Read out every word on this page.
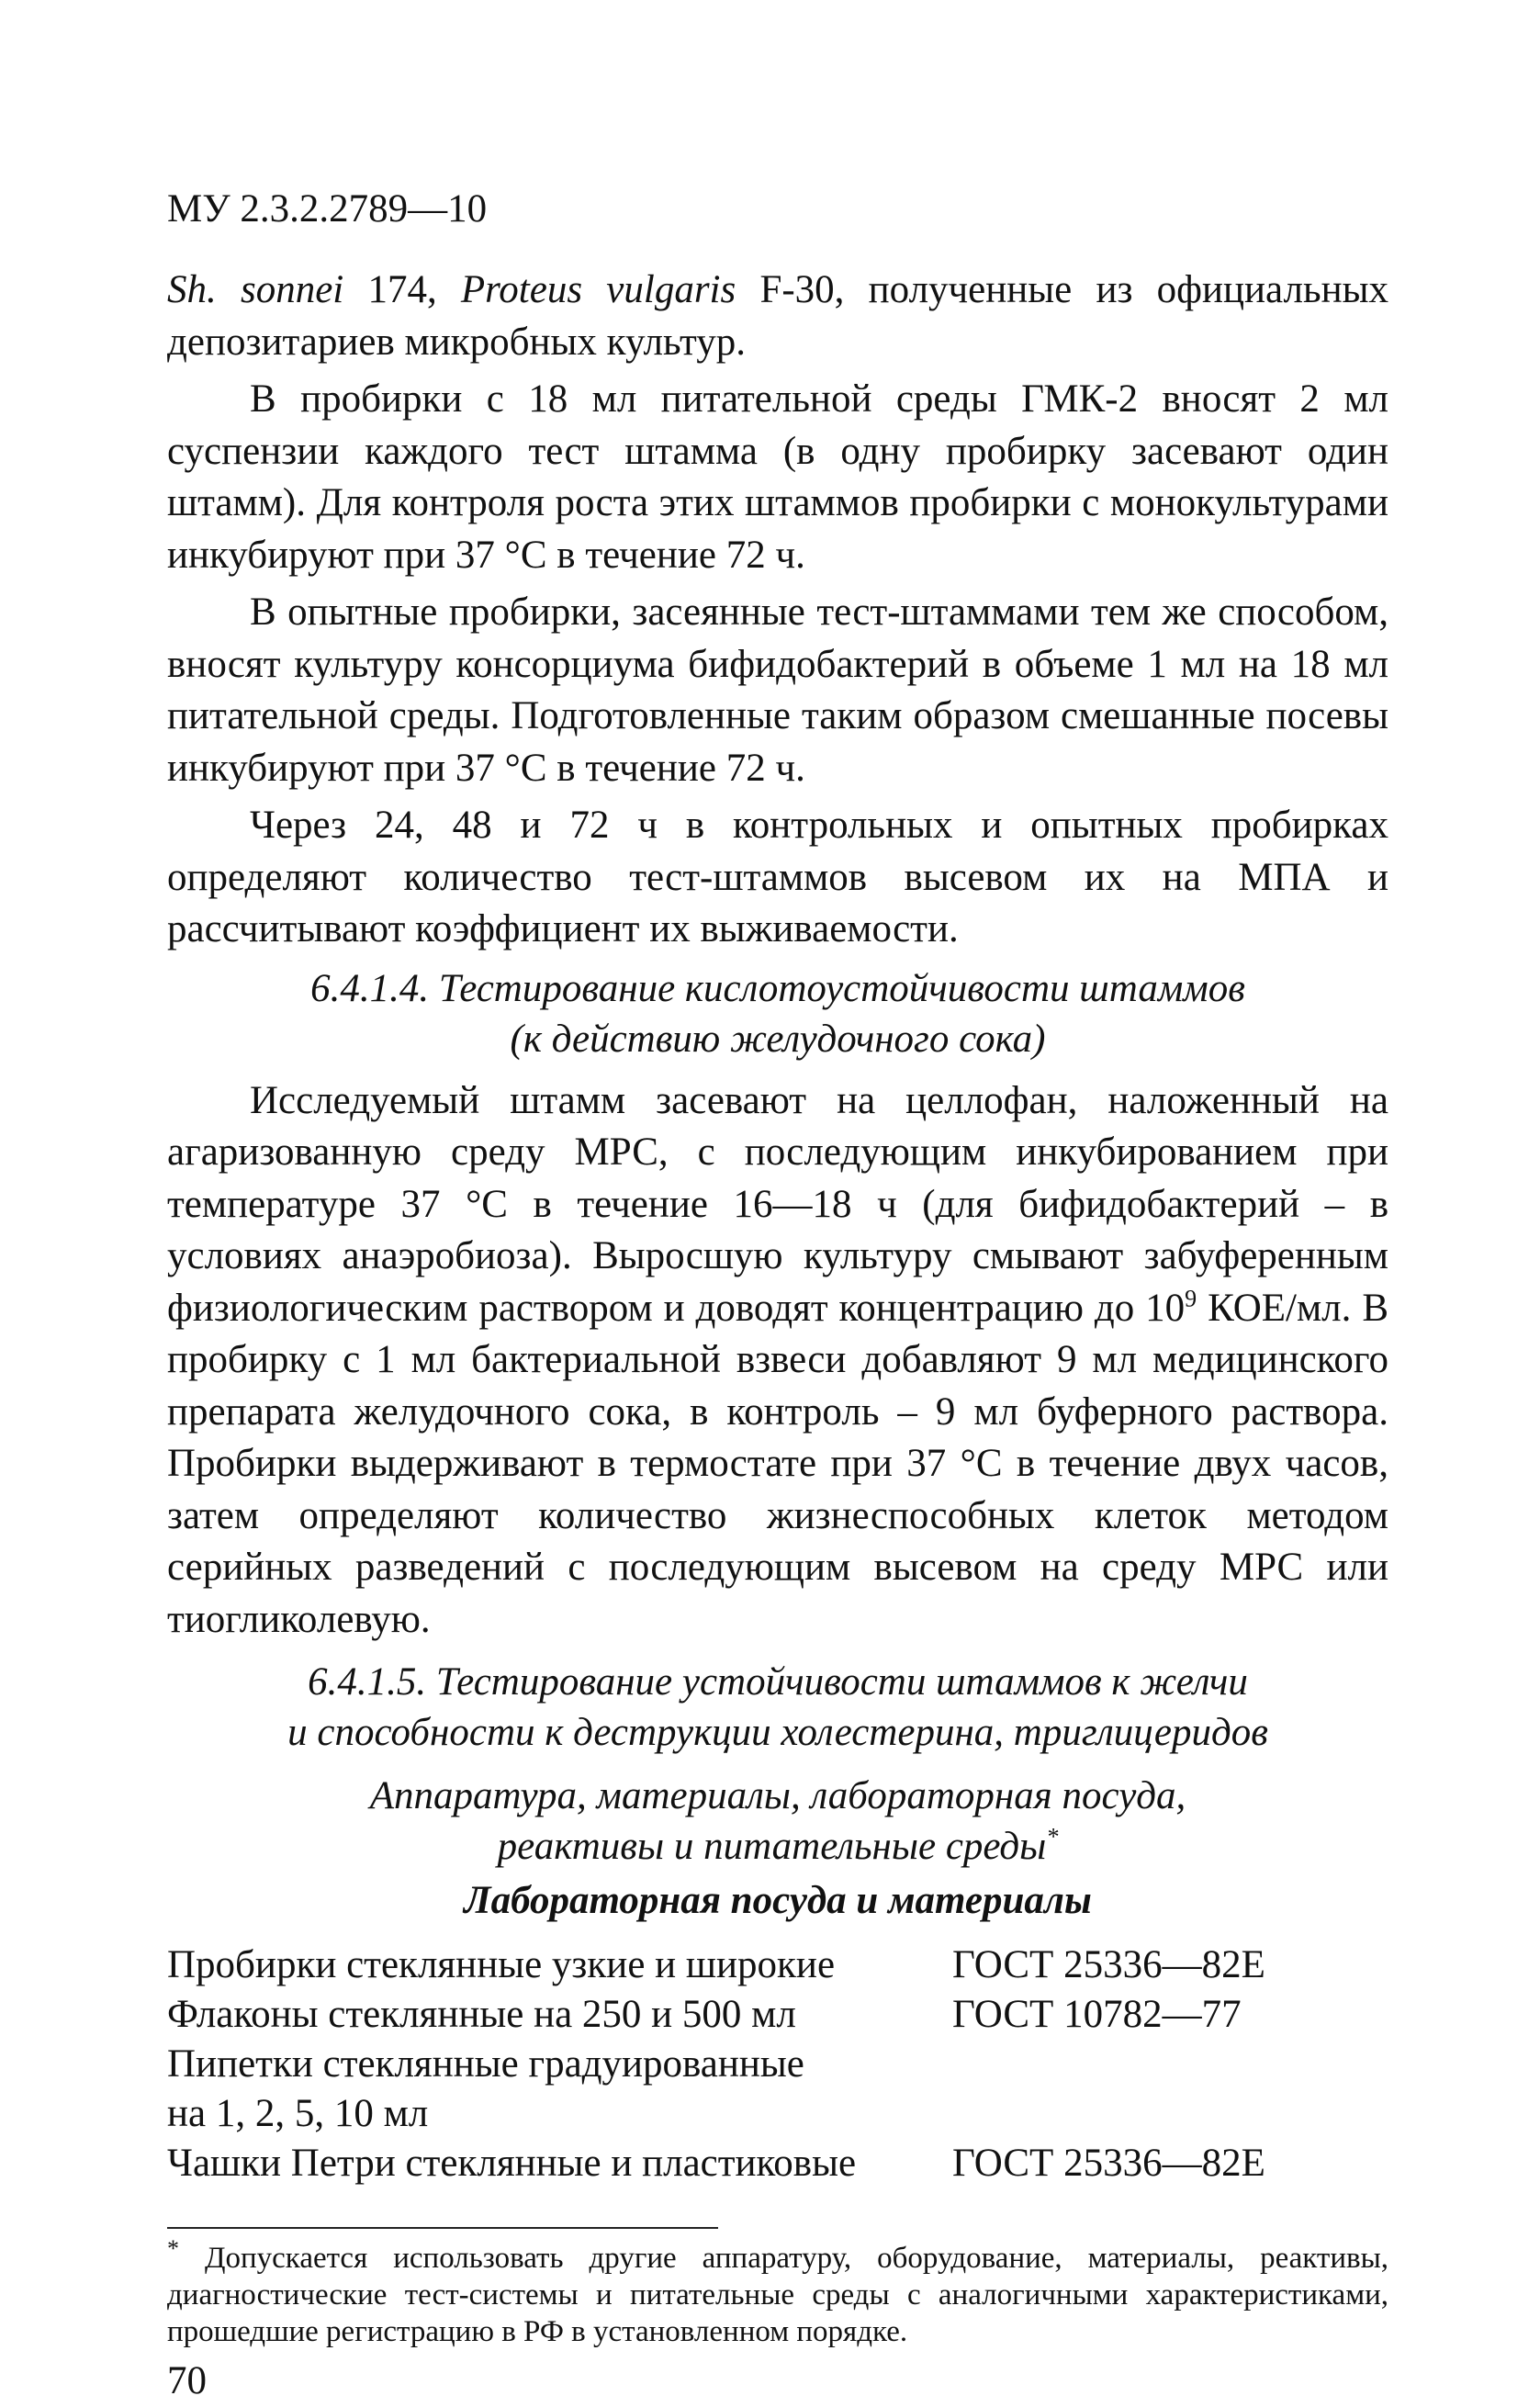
МУ 2.3.2.2789—10

Sh. sonnei 174, Proteus vulgaris F-30, полученные из официальных депозитариев микробных культур.

В пробирки с 18 мл питательной среды ГМК-2 вносят 2 мл суспензии каждого тест штамма (в одну пробирку засевают один штамм). Для контроля роста этих штаммов пробирки с монокультурами инкубируют при 37 °С в течение 72 ч.

В опытные пробирки, засеянные тест-штаммами тем же способом, вносят культуру консорциума бифидобактерий в объеме 1 мл на 18 мл питательной среды. Подготовленные таким образом смешанные посевы инкубируют при 37 °С в течение 72 ч.

Через 24, 48 и 72 ч в контрольных и опытных пробирках определяют количество тест-штаммов высевом их на МПА и рассчитывают коэффициент их выживаемости.

6.4.1.4. Тестирование кислотоустойчивости штаммов
(к действию желудочного сока)

Исследуемый штамм засевают на целлофан, наложенный на агаризованную среду МРС, с последующим инкубированием при температуре 37 °С в течение 16—18 ч (для бифидобактерий – в условиях анаэробиоза). Выросшую культуру смывают забуференным физиологическим раствором и доводят концентрацию до $10^9$ КОЕ/мл. В пробирку с 1 мл бактериальной взвеси добавляют 9 мл медицинского препарата желудочного сока, в контроль – 9 мл буферного раствора. Пробирки выдерживают в термостате при 37 °С в течение двух часов, затем определяют количество жизнеспособных клеток методом серийных разведений с последующим высевом на среду МРС или тиогликолевую.

6.4.1.5. Тестирование устойчивости штаммов к желчи
и способности к деструкции холестерина, триглицеридов
Аппаратура, материалы, лабораторная посуда,
реактивы и питательные среды*
Лабораторная посуда и материалы
Пробирки стеклянные узкие и широкие	ГОСТ 25336—82Е
Флаконы стеклянные на 250 и 500 мл	ГОСТ 10782—77
Пипетки стеклянные градуированные	
на 1, 2, 5, 10 мл	
Чашки Петри стеклянные и пластиковые	ГОСТ 25336—82Е

* Допускается использовать другие аппаратуру, оборудование, материалы, реактивы, диагностические тест-системы и питательные среды с аналогичными характеристиками, прошедшие регистрацию в РФ в установленном порядке.

70
